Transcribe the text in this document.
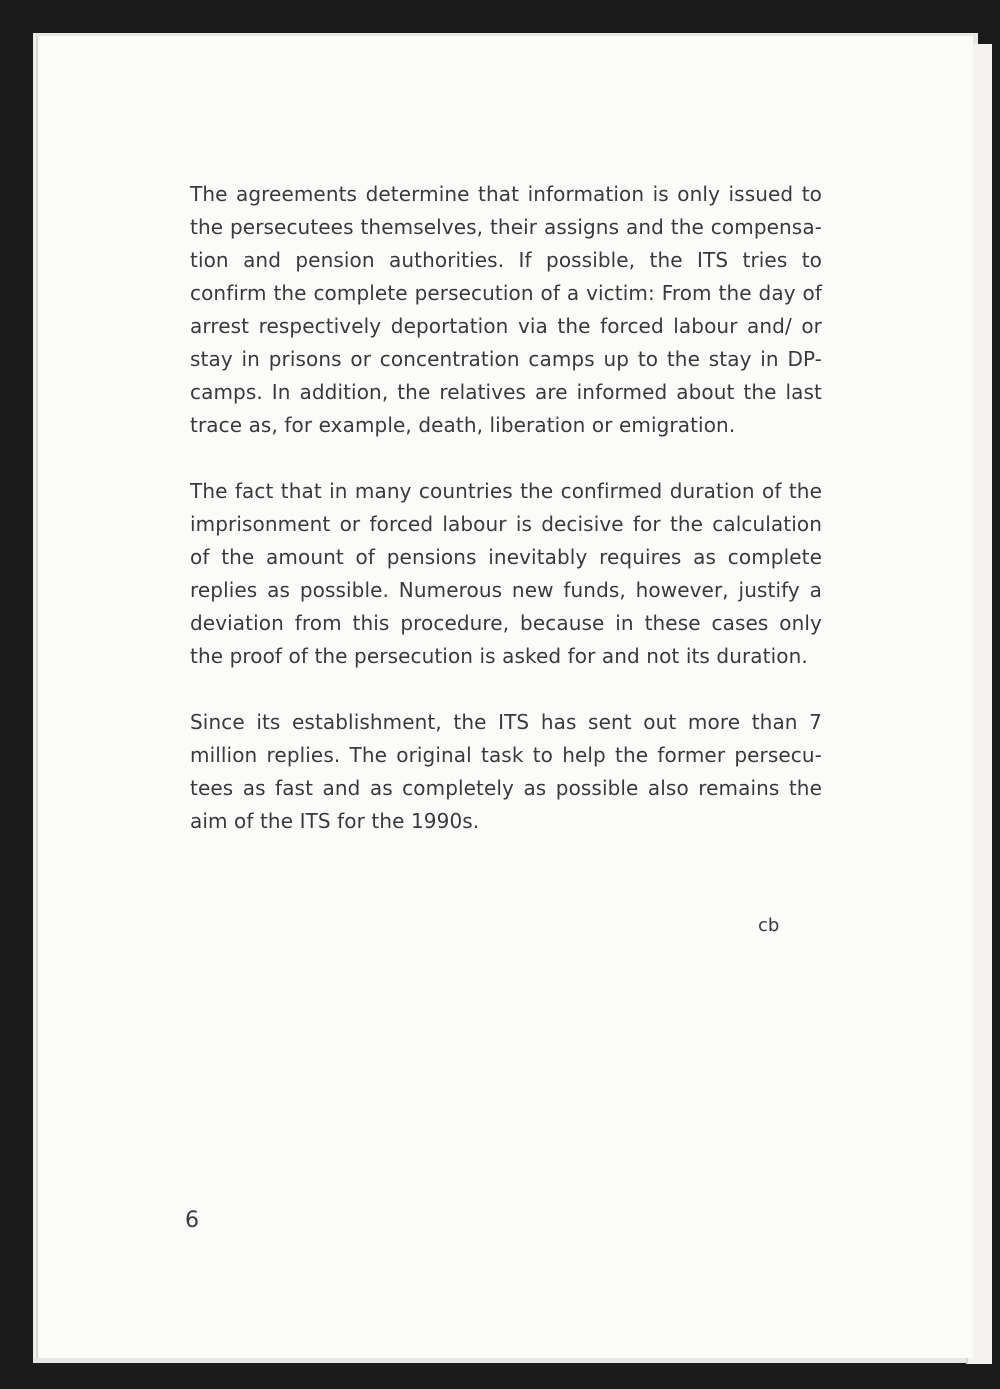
The agreements determine that information is only issued to the persecutees themselves, their assigns and the compensa-tion and pension authorities. If possible, the ITS tries to confirm the complete persecution of a victim: From the day of arrest respectively deportation via the forced labour and/ or stay in prisons or concentration camps up to the stay in DP-camps. In addition, the relatives are informed about the last trace as, for example, death, liberation or emigration.

The fact that in many countries the confirmed duration of the imprisonment or forced labour is decisive for the calculation of the amount of pensions inevitably requires as complete replies as possible. Numerous new funds, however, justify a deviation from this procedure, because in these cases only the proof of the persecution is asked for and not its duration.

Since its establishment, the ITS has sent out more than 7 million replies. The original task to help the former persecu-tees as fast and as completely as possible also remains the aim of the ITS for the 1990s.

cb
6
